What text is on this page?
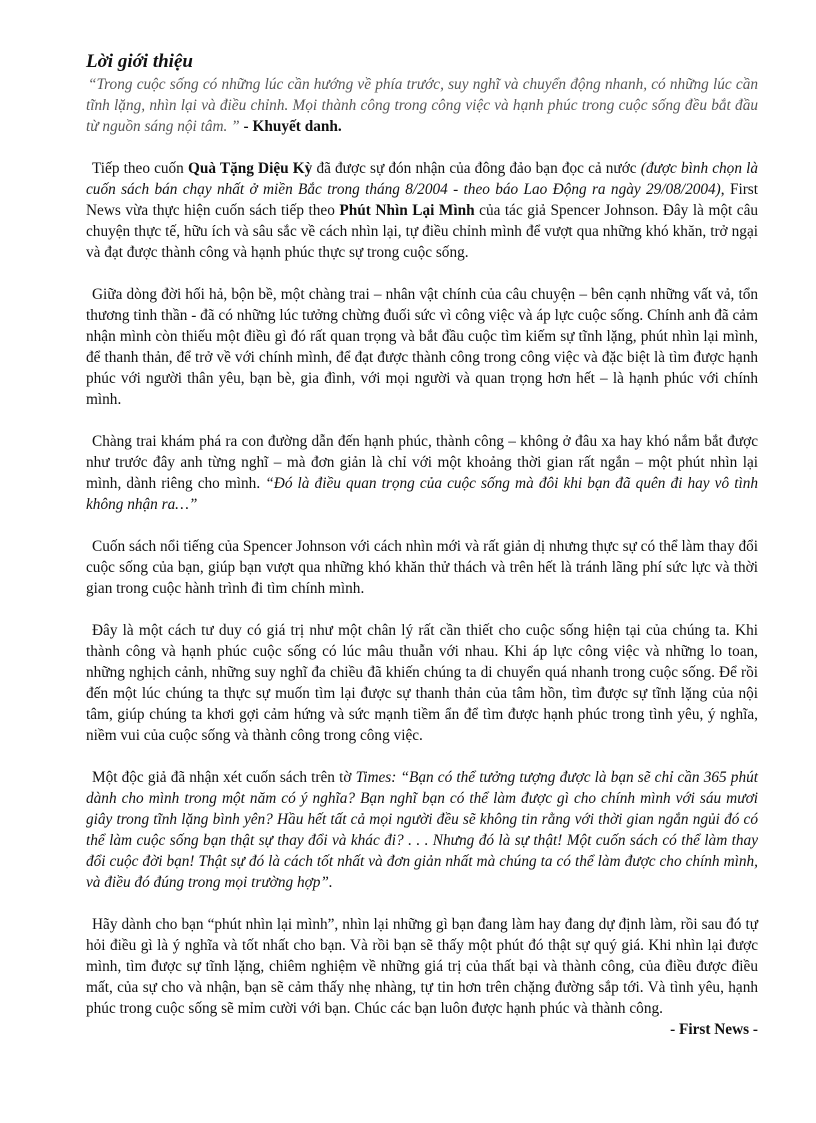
Lời giới thiệu

“Trong cuộc sống có những lúc cần hướng về phía trước, suy nghĩ và chuyển động nhanh, có những lúc cần tĩnh lặng, nhìn lại và điều chỉnh. Mọi thành công trong công việc và hạnh phúc trong cuộc sống đều bắt đầu từ nguồn sáng nội tâm. ” - Khuyết danh.

Tiếp theo cuốn Quà Tặng Diệu Kỳ đã được sự đón nhận của đông đảo bạn đọc cả nước (được bình chọn là cuốn sách bán chạy nhất ở miền Bắc trong tháng 8/2004 - theo báo Lao Động ra ngày 29/08/2004), First News vừa thực hiện cuốn sách tiếp theo Phút Nhìn Lại Mình của tác giả Spencer Johnson. Đây là một câu chuyện thực tế, hữu ích và sâu sắc về cách nhìn lại, tự điều chỉnh mình để vượt qua những khó khăn, trở ngại và đạt được thành công và hạnh phúc thực sự trong cuộc sống.

Giữa dòng đời hối hả, bộn bề, một chàng trai – nhân vật chính của câu chuyện – bên cạnh những vất vả, tổn thương tinh thần - đã có những lúc tưởng chừng đuối sức vì công việc và áp lực cuộc sống. Chính anh đã cảm nhận mình còn thiếu một điều gì đó rất quan trọng và bắt đầu cuộc tìm kiếm sự tĩnh lặng, phút nhìn lại mình, để thanh thản, để trở về với chính mình, để đạt được thành công trong công việc và đặc biệt là tìm được hạnh phúc với người thân yêu, bạn bè, gia đình, với mọi người và quan trọng hơn hết – là hạnh phúc với chính mình.

Chàng trai khám phá ra con đường dẫn đến hạnh phúc, thành công – không ở đâu xa hay khó nắm bắt được như trước đây anh từng nghĩ – mà đơn giản là chỉ với một khoảng thời gian rất ngắn – một phút nhìn lại mình, dành riêng cho mình. “Đó là điều quan trọng của cuộc sống mà đôi khi bạn đã quên đi hay vô tình không nhận ra…”

Cuốn sách nổi tiếng của Spencer Johnson với cách nhìn mới và rất giản dị nhưng thực sự có thể làm thay đổi cuộc sống của bạn, giúp bạn vượt qua những khó khăn thử thách và trên hết là tránh lãng phí sức lực và thời gian trong cuộc hành trình đi tìm chính mình.

Đây là một cách tư duy có giá trị như một chân lý rất cần thiết cho cuộc sống hiện tại của chúng ta. Khi thành công và hạnh phúc cuộc sống có lúc mâu thuẫn với nhau. Khi áp lực công việc và những lo toan, những nghịch cảnh, những suy nghĩ đa chiều đã khiến chúng ta di chuyển quá nhanh trong cuộc sống. Để rồi đến một lúc chúng ta thực sự muốn tìm lại được sự thanh thản của tâm hồn, tìm được sự tĩnh lặng của nội tâm, giúp chúng ta khơi gợi cảm hứng và sức mạnh tiềm ẩn để tìm được hạnh phúc trong tình yêu, ý nghĩa, niềm vui của cuộc sống và thành công trong công việc.

Một độc giả đã nhận xét cuốn sách trên tờ Times: “Bạn có thể tưởng tượng được là bạn sẽ chỉ cần 365 phút dành cho mình trong một năm có ý nghĩa? Bạn nghĩ bạn có thể làm được gì cho chính mình với sáu mươi giây trong tĩnh lặng bình yên? Hầu hết tất cả mọi người đều sẽ không tin rằng với thời gian ngắn ngủi đó có thể làm cuộc sống bạn thật sự thay đổi và khác đi? . . . Nhưng đó là sự thật! Một cuốn sách có thể làm thay đổi cuộc đời bạn! Thật sự đó là cách tốt nhất và đơn giản nhất mà chúng ta có thể làm được cho chính mình, và điều đó đúng trong mọi trường hợp”.

Hãy dành cho bạn “phút nhìn lại mình”, nhìn lại những gì bạn đang làm hay đang dự định làm, rồi sau đó tự hỏi điều gì là ý nghĩa và tốt nhất cho bạn. Và rồi bạn sẽ thấy một phút đó thật sự quý giá. Khi nhìn lại được mình, tìm được sự tĩnh lặng, chiêm nghiệm về những giá trị của thất bại và thành công, của điều được điều mất, của sự cho và nhận, bạn sẽ cảm thấy nhẹ nhàng, tự tin hơn trên chặng đường sắp tới. Và tình yêu, hạnh phúc trong cuộc sống sẽ mỉm cười với bạn. Chúc các bạn luôn được hạnh phúc và thành công.

- First News -
